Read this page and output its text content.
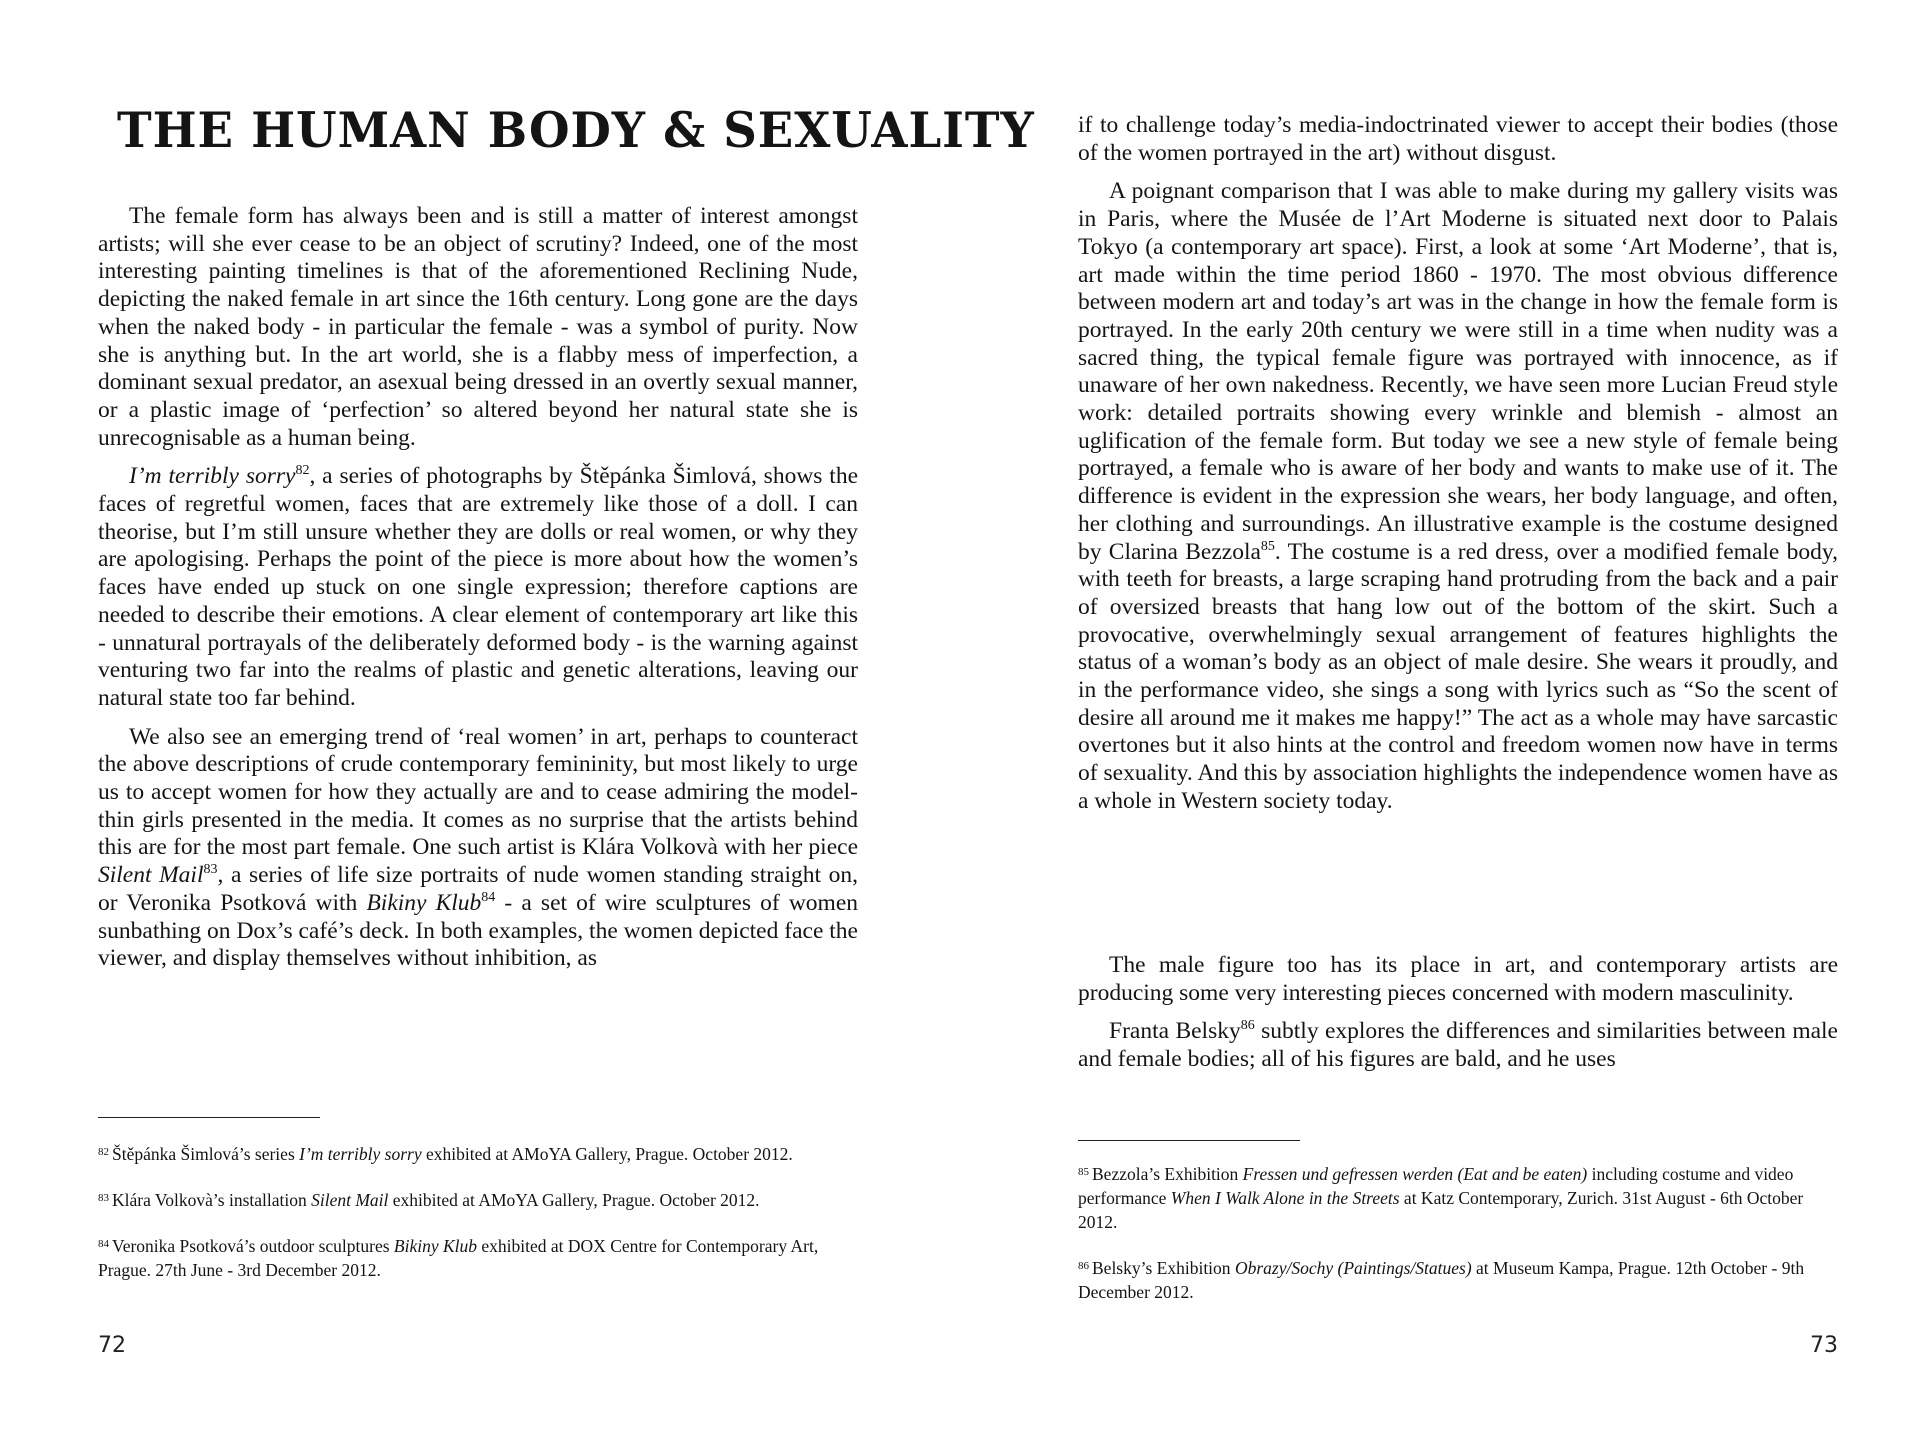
THE HUMAN BODY & SEXUALITY

The female form has always been and is still a matter of interest amongst artists; will she ever cease to be an object of scrutiny? Indeed, one of the most interesting painting timelines is that of the aforementioned Reclining Nude, depicting the naked female in art since the 16th century. Long gone are the days when the naked body - in particular the female - was a symbol of purity. Now she is anything but. In the art world, she is a flabby mess of imperfection, a dominant sexual predator, an asexual being dressed in an overtly sexual manner, or a plastic image of ‘perfection’ so altered beyond her natural state she is unrecognisable as a human being.

I’m terribly sorry$^{82}$, a series of photographs by Štěpánka Šimlová, shows the faces of regretful women, faces that are extremely like those of a doll. I can theorise, but I’m still unsure whether they are dolls or real women, or why they are apologising. Perhaps the point of the piece is more about how the women’s faces have ended up stuck on one single expression; therefore captions are needed to describe their emotions. A clear element of contemporary art like this - unnatural portrayals of the deliberately deformed body - is the warning against venturing two far into the realms of plastic and genetic alterations, leaving our natural state too far behind.

We also see an emerging trend of ‘real women’ in art, perhaps to counteract the above descriptions of crude contemporary femininity, but most likely to urge us to accept women for how they actually are and to cease admiring the model-thin girls presented in the media. It comes as no surprise that the artists behind this are for the most part female. One such artist is Klára Volkovà with her piece Silent Mail$^{83}$, a series of life size portraits of nude women standing straight on, or Veronika Psotková with Bikiny Klub$^{84}$ - a set of wire sculptures of women sunbathing on Dox’s café’s deck. In both examples, the women depicted face the viewer, and display themselves without inhibition, as

$^{82}$ Štěpánka Šimlová’s series I’m terribly sorry exhibited at AMoYA Gallery, Prague. October 2012.
$^{83}$ Klára Volkovà’s installation Silent Mail exhibited at AMoYA Gallery, Prague. October 2012.
$^{84}$ Veronika Psotková’s outdoor sculptures Bikiny Klub exhibited at DOX Centre for Contemporary Art, Prague. 27th June - 3rd December 2012.
72

if to challenge today’s media-indoctrinated viewer to accept their bodies (those of the women portrayed in the art) without disgust.

A poignant comparison that I was able to make during my gallery visits was in Paris, where the Musée de l’Art Moderne is situated next door to Palais Tokyo (a contemporary art space). First, a look at some ‘Art Moderne’, that is, art made within the time period 1860 - 1970. The most obvious difference between modern art and today’s art was in the change in how the female form is portrayed. In the early 20th century we were still in a time when nudity was a sacred thing, the typical female figure was portrayed with innocence, as if unaware of her own nakedness. Recently, we have seen more Lucian Freud style work: detailed portraits showing every wrinkle and blemish - almost an uglification of the female form. But today we see a new style of female being portrayed, a female who is aware of her body and wants to make use of it. The difference is evident in the expression she wears, her body language, and often, her clothing and surroundings. An illustrative example is the costume designed by Clarina Bezzola$^{85}$. The costume is a red dress, over a modified female body, with teeth for breasts, a large scraping hand protruding from the back and a pair of oversized breasts that hang low out of the bottom of the skirt. Such a provocative, overwhelmingly sexual arrangement of features highlights the status of a woman’s body as an object of male desire. She wears it proudly, and in the performance video, she sings a song with lyrics such as “So the scent of desire all around me it makes me happy!” The act as a whole may have sarcastic overtones but it also hints at the control and freedom women now have in terms of sexuality. And this by association highlights the independence women have as a whole in Western society today.

The male figure too has its place in art, and contemporary artists are producing some very interesting pieces concerned with modern masculinity.

Franta Belsky$^{86}$ subtly explores the differences and similarities between male and female bodies; all of his figures are bald, and he uses

$^{85}$ Bezzola’s Exhibition Fressen und gefressen werden (Eat and be eaten) including costume and video performance When I Walk Alone in the Streets at Katz Contemporary, Zurich. 31st August - 6th October 2012.
$^{86}$ Belsky’s Exhibition Obrazy/Sochy (Paintings/Statues) at Museum Kampa, Prague. 12th October - 9th December 2012.
73
